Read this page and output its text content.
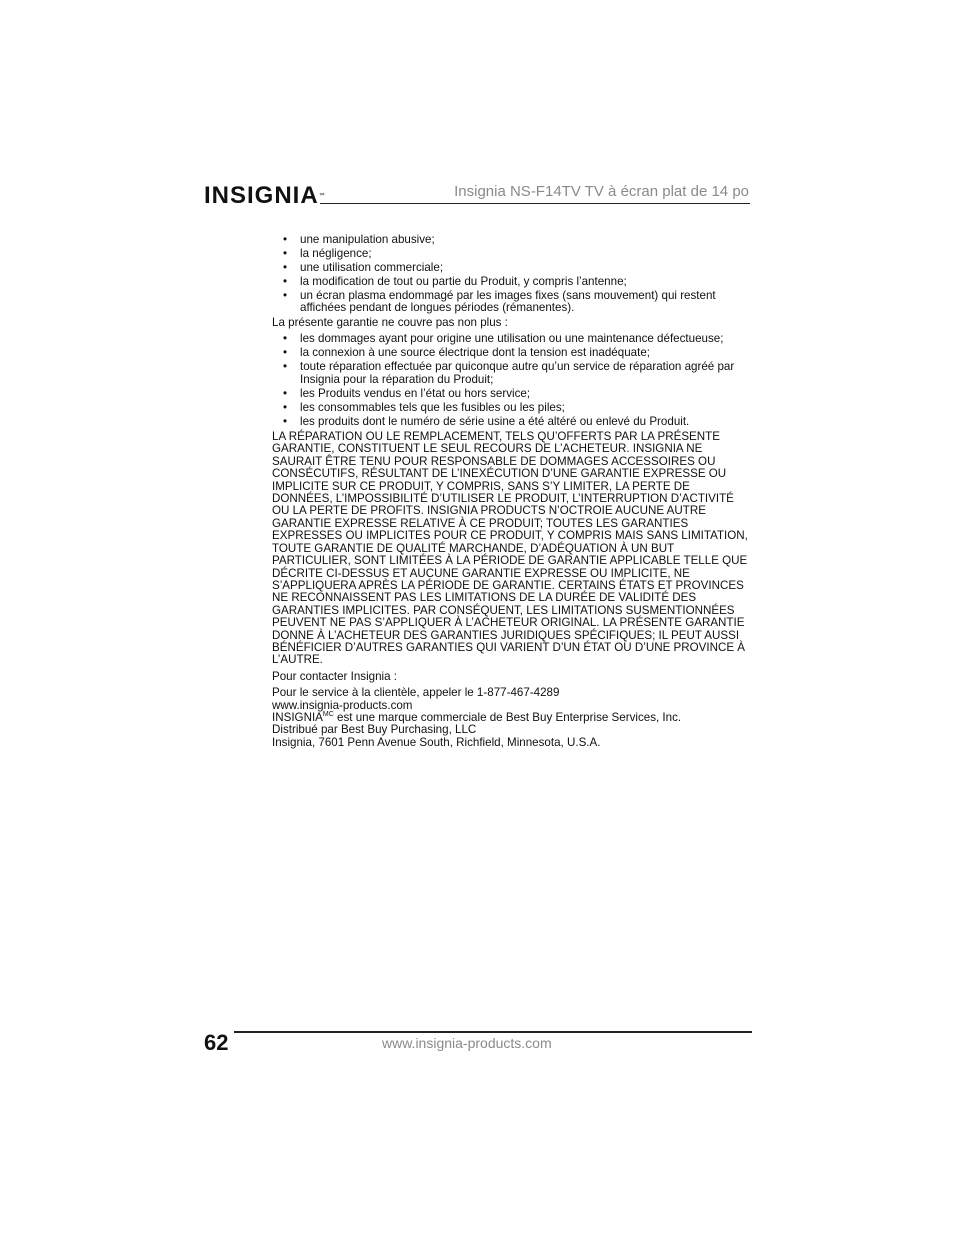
INSIGNIA™	Insignia NS-F14TV TV à écran plat de 14 po
• une manipulation abusive;
• la négligence;
• une utilisation commerciale;
• la modification de tout ou partie du Produit, y compris l’antenne;
• un écran plasma endommagé par les images fixes (sans mouvement) qui restent affichées pendant de longues périodes (rémanentes).
La présente garantie ne couvre pas non plus :
• les dommages ayant pour origine une utilisation ou une maintenance défectueuse;
• la connexion à une source électrique dont la tension est inadéquate;
• toute réparation effectuée par quiconque autre qu’un service de réparation agréé par Insignia pour la réparation du Produit;
• les Produits vendus en l’état ou hors service;
• les consommables tels que les fusibles ou les piles;
• les produits dont le numéro de série usine a été altéré ou enlevé du Produit.
LA RÉPARATION OU LE REMPLACEMENT, TELS QU’OFFERTS PAR LA PRÉSENTE GARANTIE, CONSTITUENT LE SEUL RECOURS DE L’ACHETEUR. INSIGNIA NE SAURAIT ÊTRE TENU POUR RESPONSABLE DE DOMMAGES ACCESSOIRES OU CONSÉCUTIFS, RÉSULTANT DE L’INEXÉCUTION D’UNE GARANTIE EXPRESSE OU IMPLICITE SUR CE PRODUIT, Y COMPRIS, SANS S’Y LIMITER, LA PERTE DE DONNÉES, L’IMPOSSIBILITÉ D’UTILISER LE PRODUIT, L’INTERRUPTION D’ACTIVITÉ OU LA PERTE DE PROFITS. INSIGNIA PRODUCTS N’OCTROIE AUCUNE AUTRE GARANTIE EXPRESSE RELATIVE À CE PRODUIT; TOUTES LES GARANTIES EXPRESSES OU IMPLICITES POUR CE PRODUIT, Y COMPRIS MAIS SANS LIMITATION, TOUTE GARANTIE DE QUALITÉ MARCHANDE, D’ADÉQUATION À UN BUT PARTICULIER, SONT LIMITÉES À LA PÉRIODE DE GARANTIE APPLICABLE TELLE QUE DÉCRITE CI-DESSUS ET AUCUNE GARANTIE EXPRESSE OU IMPLICITE, NE S’APPLIQUERA APRÈS LA PÉRIODE DE GARANTIE. CERTAINS ÉTATS ET PROVINCES NE RECONNAISSENT PAS LES LIMITATIONS DE LA DURÉE DE VALIDITÉ DES GARANTIES IMPLICITES. PAR CONSÉQUENT, LES LIMITATIONS SUSMENTIONNÉES PEUVENT NE PAS S’APPLIQUER À L’ACHETEUR ORIGINAL. LA PRÉSENTE GARANTIE DONNE À L’ACHETEUR DES GARANTIES JURIDIQUES SPÉCIFIQUES; IL PEUT AUSSI BÉNÉFICIER D’AUTRES GARANTIES QUI VARIENT D’UN ÉTAT OU D’UNE PROVINCE À L’AUTRE.
Pour contacter Insignia :
Pour le service à la clientèle, appeler le 1-877-467-4289
www.insignia-products.com
$INSIGNIA^{MC}$ est une marque commerciale de Best Buy Enterprise Services, Inc.
Distribué par Best Buy Purchasing, LLC
Insignia, 7601 Penn Avenue South, Richfield, Minnesota, U.S.A.
62	www.insignia-products.com
